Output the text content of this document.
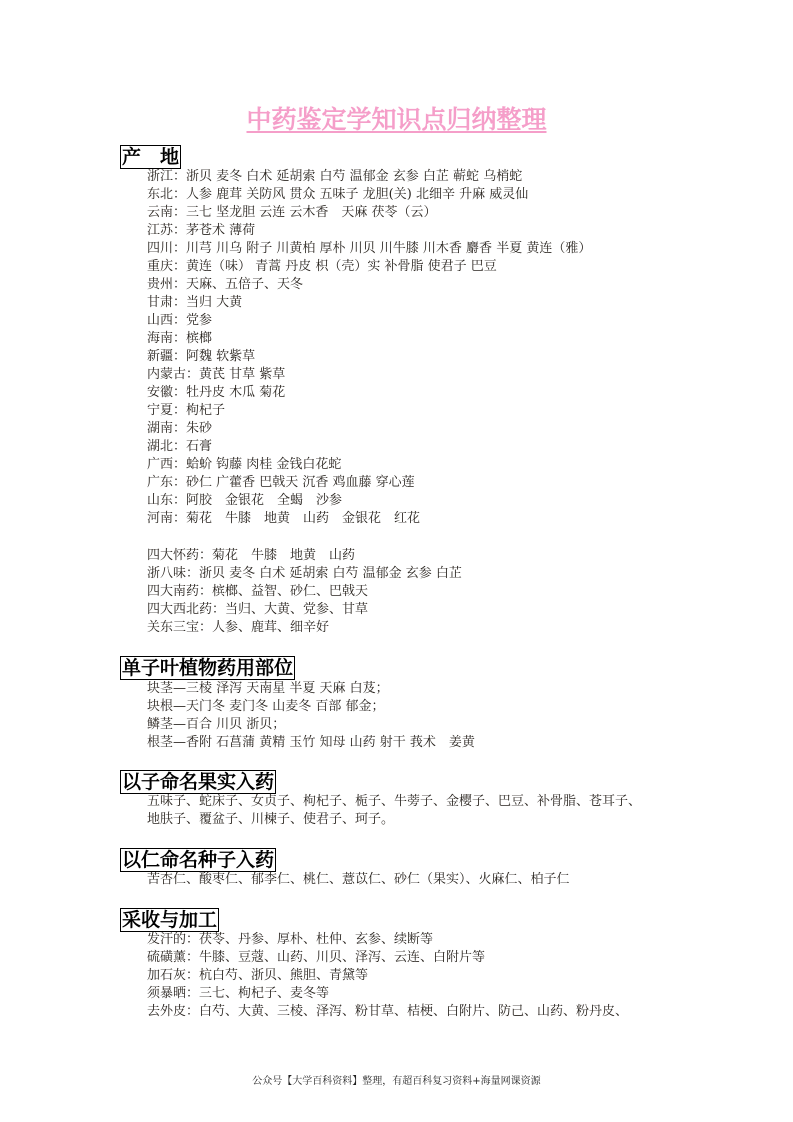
中药鉴定学知识点归纳整理
产　地
浙江：浙贝 麦冬 白术 延胡索 白芍 温郁金 玄参 白芷 蕲蛇 乌梢蛇
东北：人参 鹿茸 关防风 贯众 五味子 龙胆(关) 北细辛 升麻 威灵仙
云南：三七 坚龙胆 云连 云木香　天麻 茯苓（云）
江苏：茅苍术 薄荷
四川：川芎 川乌 附子 川黄柏 厚朴 川贝 川牛膝 川木香 麝香 半夏 黄连（雅）
重庆：黄连（味） 青蒿 丹皮 枳（壳）实 补骨脂 使君子 巴豆
贵州：天麻、五倍子、天冬
甘肃：当归 大黄
山西：党参
海南：槟榔
新疆：阿魏 软紫草
内蒙古：黄芪 甘草 紫草
安徽：牡丹皮 木瓜 菊花
宁夏：枸杞子
湖南：朱砂
湖北：石膏
广西：蛤蚧 钩藤 肉桂 金钱白花蛇
广东：砂仁 广藿香 巴戟天 沉香 鸡血藤 穿心莲
山东：阿胶　金银花　全蝎　沙参
河南：菊花　牛膝　地黄　山药　金银花　红花
四大怀药：菊花　牛膝　地黄　山药
浙八味：浙贝 麦冬 白术 延胡索 白芍 温郁金 玄参 白芷
四大南药：槟榔、益智、砂仁、巴戟天
四大西北药：当归、大黄、党参、甘草
关东三宝：人参、鹿茸、细辛好
单子叶植物药用部位
块茎—三棱 泽泻 天南星 半夏 天麻 白芨；
块根—天门冬 麦门冬 山麦冬 百部 郁金；
鳞茎—百合 川贝 浙贝；
根茎—香附 石菖蒲 黄精 玉竹 知母 山药 射干 莪术　姜黄
以子命名果实入药
五味子、蛇床子、女贞子、枸杞子、栀子、牛蒡子、金樱子、巴豆、补骨脂、苍耳子、
地肤子、覆盆子、川楝子、使君子、珂子。
以仁命名种子入药
苦杏仁、酸枣仁、郁李仁、桃仁、薏苡仁、砂仁（果实）、火麻仁、柏子仁
采收与加工
发汗的：茯苓、丹参、厚朴、杜仲、玄参、续断等
硫磺薰：牛膝、豆蔻、山药、川贝、泽泻、云连、白附片等
加石灰：杭白芍、浙贝、熊胆、青黛等
须暴晒：三七、枸杞子、麦冬等
去外皮：白芍、大黄、三棱、泽泻、粉甘草、桔梗、白附片、防己、山药、粉丹皮、
公众号【大学百科资料】整理，有超百科复习资料+海量网课资源
